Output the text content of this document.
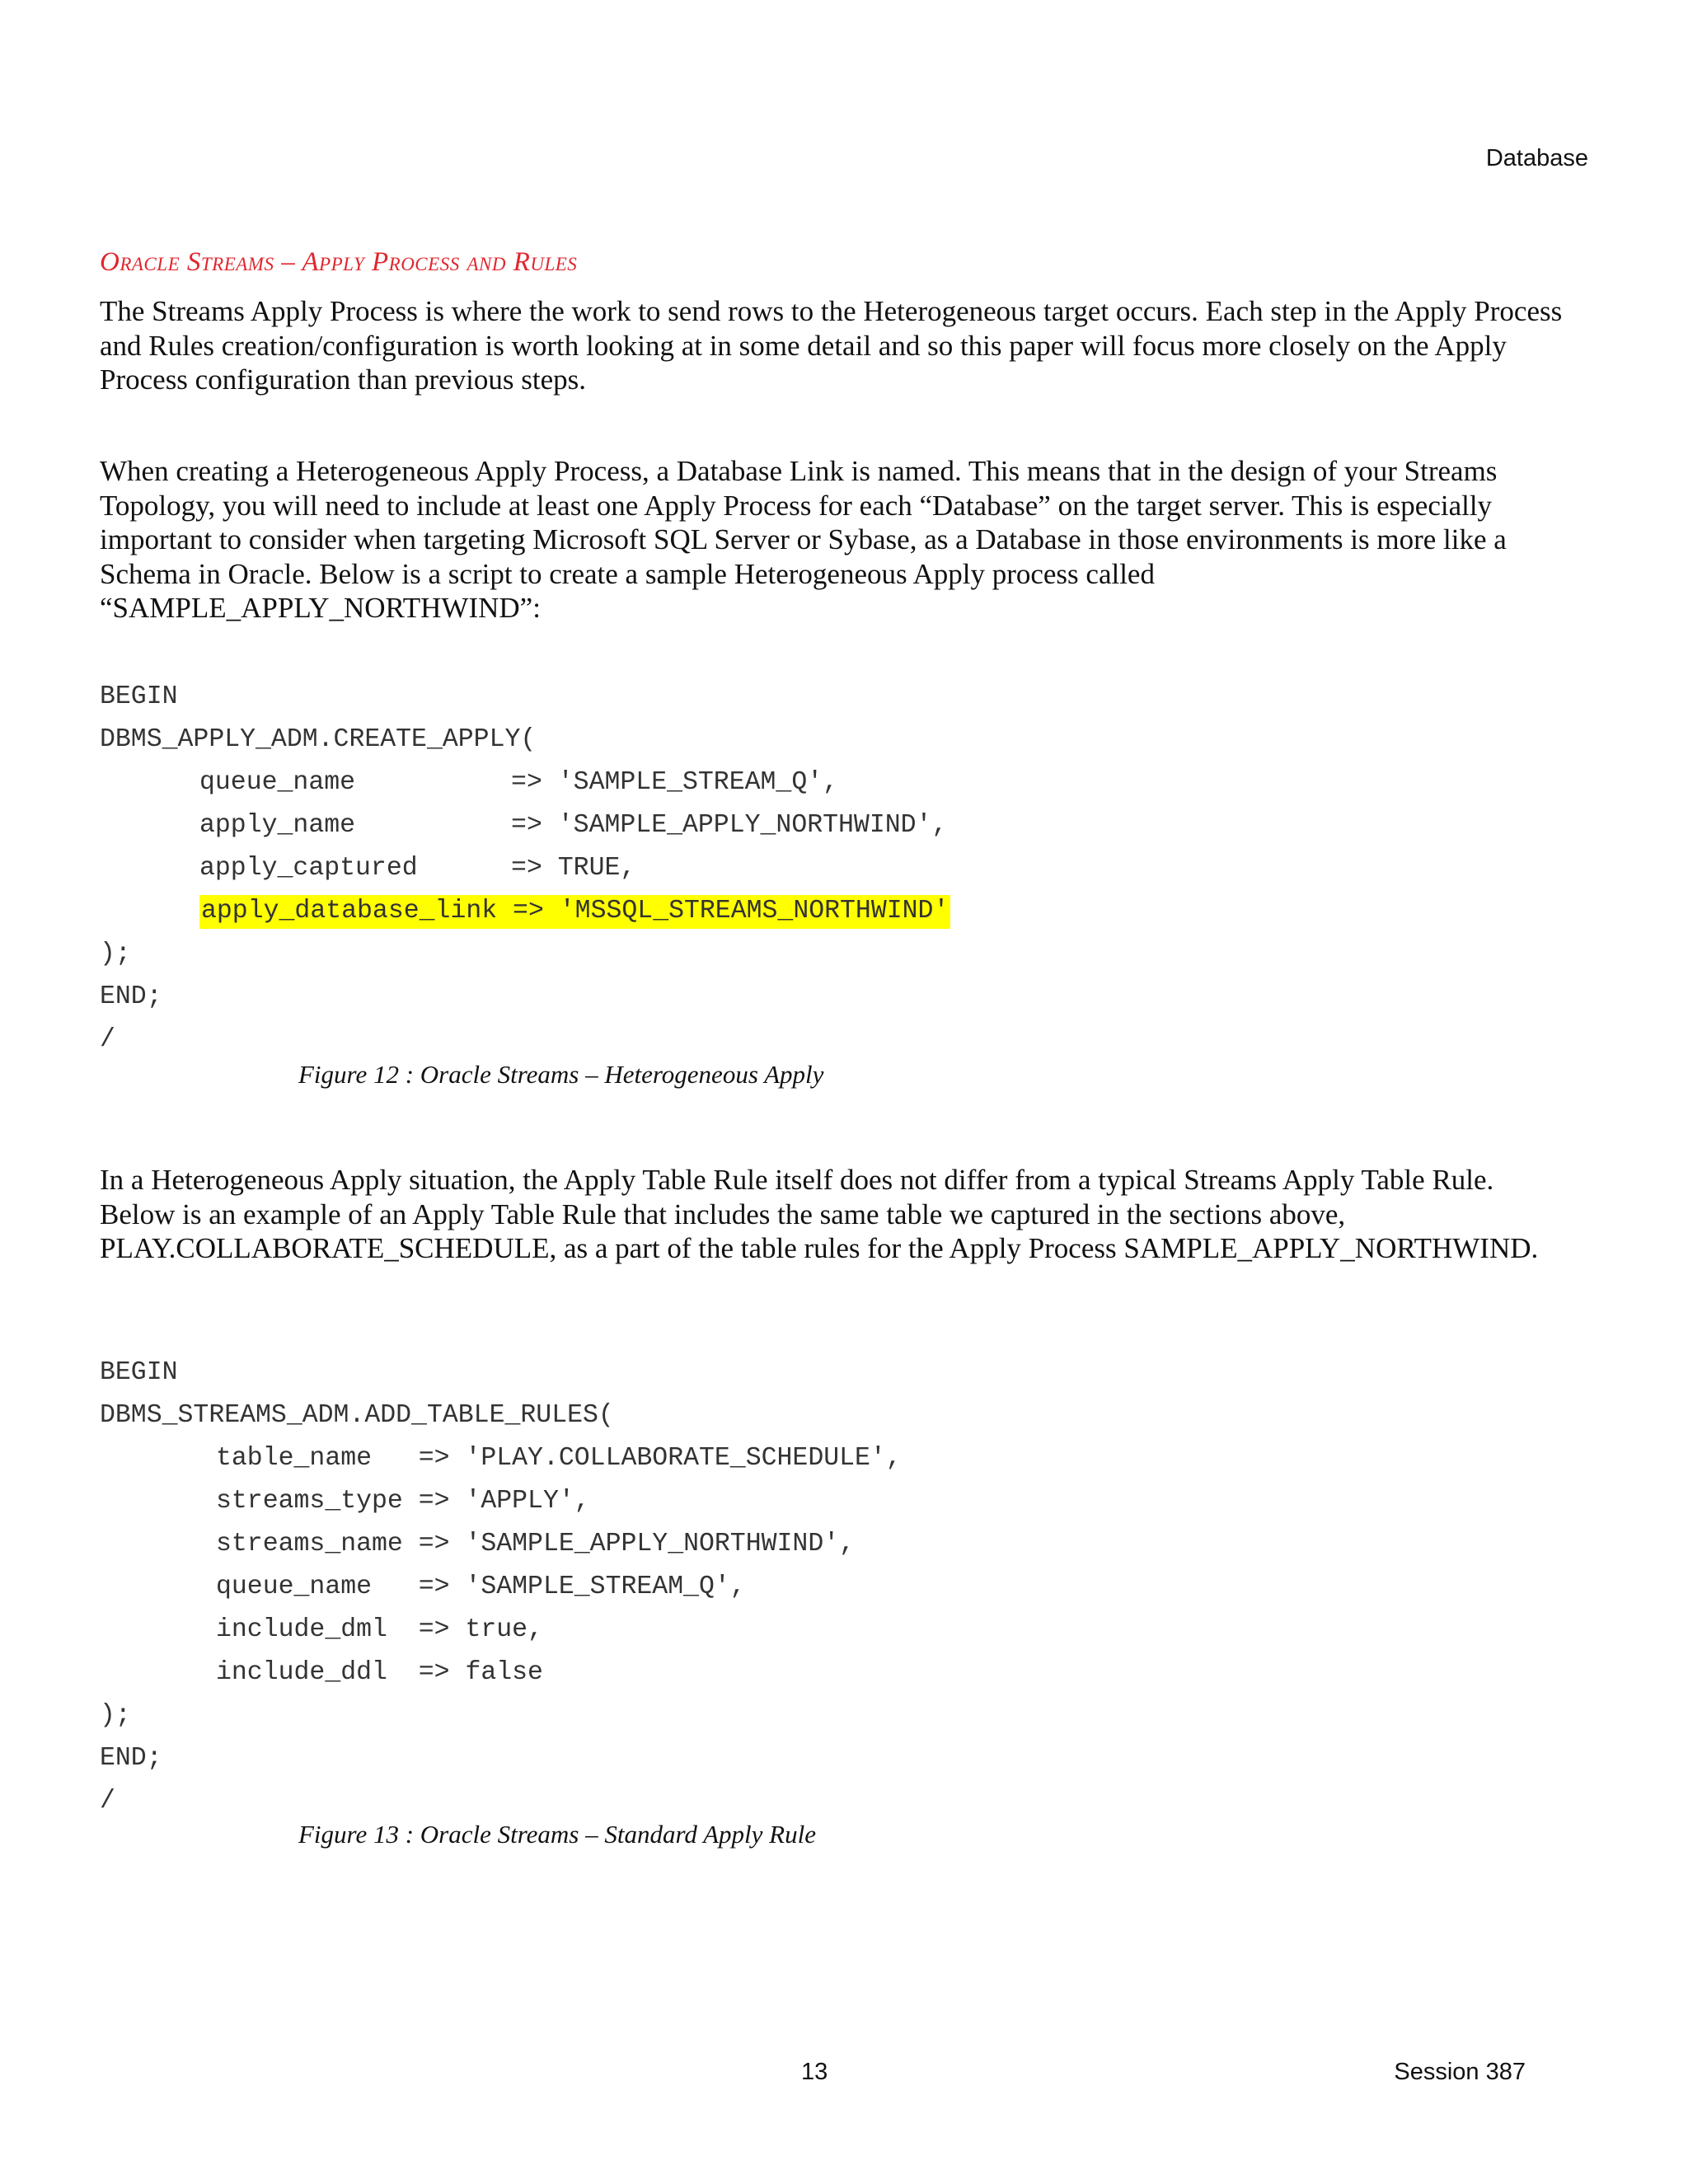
Database
Oracle Streams – Apply Process and Rules

The Streams Apply Process is where the work to send rows to the Heterogeneous target occurs. Each step in the Apply Process and Rules creation/configuration is worth looking at in some detail and so this paper will focus more closely on the Apply Process configuration than previous steps.

When creating a Heterogeneous Apply Process, a Database Link is named. This means that in the design of your Streams Topology, you will need to include at least one Apply Process for each “Database” on the target server. This is especially important to consider when targeting Microsoft SQL Server or Sybase, as a Database in those environments is more like a Schema in Oracle. Below is a script to create a sample Heterogeneous Apply process called “SAMPLE_APPLY_NORTHWIND”:

BEGIN
DBMS_APPLY_ADM.CREATE_APPLY(
queue_name          => 'SAMPLE_STREAM_Q',
apply_name          => 'SAMPLE_APPLY_NORTHWIND',
apply_captured      => TRUE,
apply_database_link => 'MSSQL_STREAMS_NORTHWIND'
);
END;
/

Figure 12 : Oracle Streams – Heterogeneous Apply

In a Heterogeneous Apply situation, the Apply Table Rule itself does not differ from a typical Streams Apply Table Rule. Below is an example of an Apply Table Rule that includes the same table we captured in the sections above, PLAY.COLLABORATE_SCHEDULE, as a part of the table rules for the Apply Process SAMPLE_APPLY_NORTHWIND.

BEGIN
DBMS_STREAMS_ADM.ADD_TABLE_RULES(
table_name   => 'PLAY.COLLABORATE_SCHEDULE',
streams_type => 'APPLY',
streams_name => 'SAMPLE_APPLY_NORTHWIND',
queue_name   => 'SAMPLE_STREAM_Q',
include_dml  => true,
include_ddl  => false
);
END;
/

Figure 13 : Oracle Streams – Standard Apply Rule

13	Session 387
